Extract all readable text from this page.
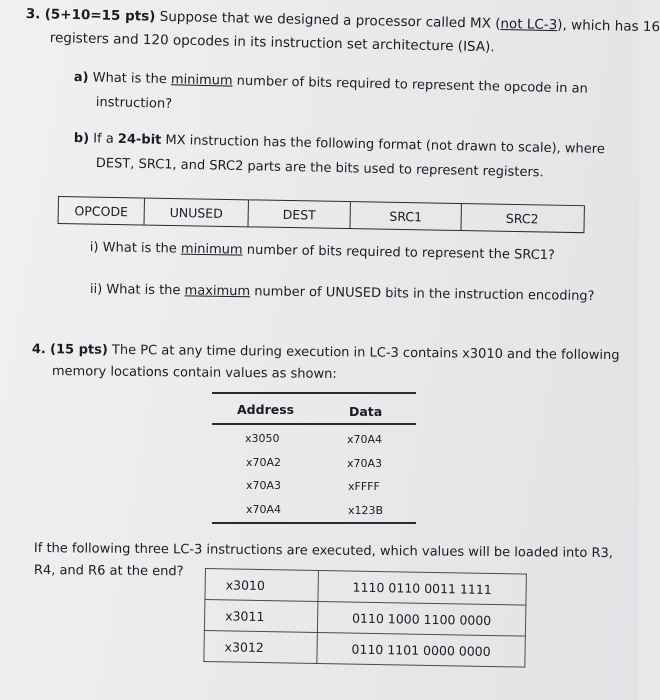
3. (5+10=15 pts) Suppose that we designed a processor called MX (not LC-3), which has 16
registers and 120 opcodes in its instruction set architecture (ISA).
a) What is the minimum number of bits required to represent the opcode in an
instruction?
b) If a 24-bit MX instruction has the following format (not drawn to scale), where
DEST, SRC1, and SRC2 parts are the bits used to represent registers.
OPCODE	UNUSED	DEST	SRC1	SRC2
i) What is the minimum number of bits required to represent the SRC1?
ii) What is the maximum number of UNUSED bits in the instruction encoding?
4. (15 pts) The PC at any time during execution in LC-3 contains x3010 and the following
memory locations contain values as shown:
Address	Data
x3050	x70A4
x70A2	x70A3
x70A3	xFFFF
x70A4	x123B
If the following three LC-3 instructions are executed, which values will be loaded into R3,
R4, and R6 at the end?
x3010	1110 0110 0011 1111
x3011	0110 1000 1100 0000
x3012	0110 1101 0000 0000
